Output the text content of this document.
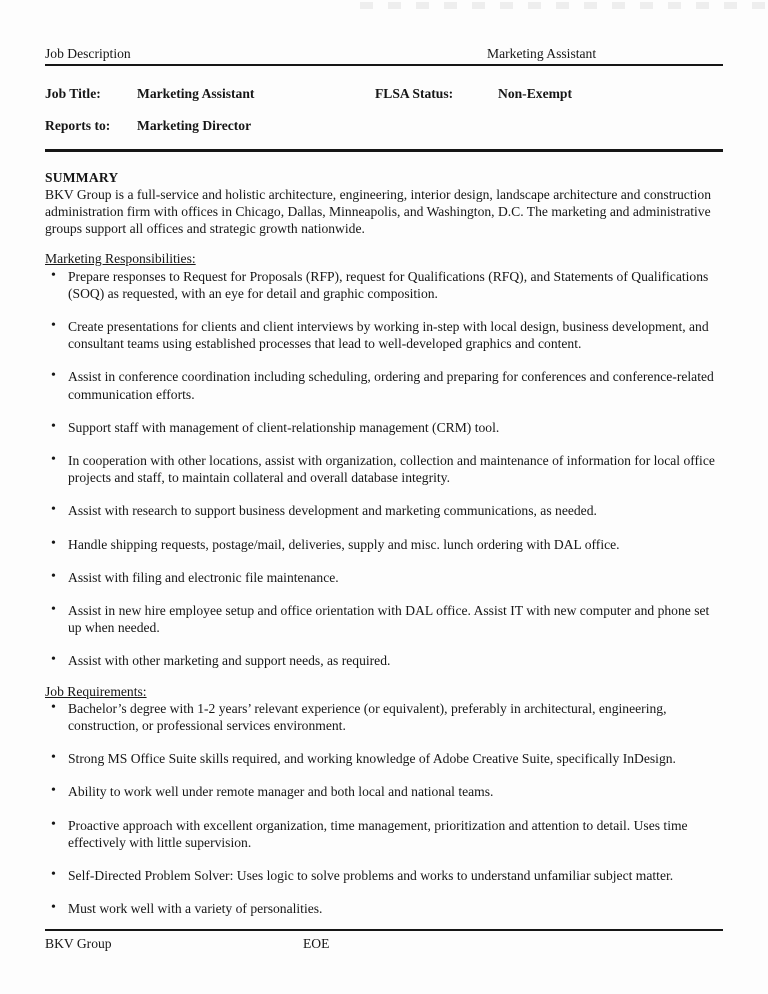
Job Description	Marketing Assistant
Job Title:	Marketing Assistant	FLSA Status:	Non-Exempt
Reports to:	Marketing Director
SUMMARY
BKV Group is a full-service and holistic architecture, engineering, interior design, landscape architecture and construction administration firm with offices in Chicago, Dallas, Minneapolis, and Washington, D.C. The marketing and administrative groups support all offices and strategic growth nationwide.
Marketing Responsibilities:
• Prepare responses to Request for Proposals (RFP), request for Qualifications (RFQ), and Statements of Qualifications (SOQ) as requested, with an eye for detail and graphic composition.
• Create presentations for clients and client interviews by working in-step with local design, business development, and consultant teams using established processes that lead to well-developed graphics and content.
• Assist in conference coordination including scheduling, ordering and preparing for conferences and conference-related communication efforts.
• Support staff with management of client-relationship management (CRM) tool.
• In cooperation with other locations, assist with organization, collection and maintenance of information for local office projects and staff, to maintain collateral and overall database integrity.
• Assist with research to support business development and marketing communications, as needed.
• Handle shipping requests, postage/mail, deliveries, supply and misc. lunch ordering with DAL office.
• Assist with filing and electronic file maintenance.
• Assist in new hire employee setup and office orientation with DAL office. Assist IT with new computer and phone set up when needed.
• Assist with other marketing and support needs, as required.
Job Requirements:
• Bachelor’s degree with 1-2 years’ relevant experience (or equivalent), preferably in architectural, engineering, construction, or professional services environment.
• Strong MS Office Suite skills required, and working knowledge of Adobe Creative Suite, specifically InDesign.
• Ability to work well under remote manager and both local and national teams.
• Proactive approach with excellent organization, time management, prioritization and attention to detail. Uses time effectively with little supervision.
• Self-Directed Problem Solver: Uses logic to solve problems and works to understand unfamiliar subject matter.
• Must work well with a variety of personalities.
BKV Group	EOE
